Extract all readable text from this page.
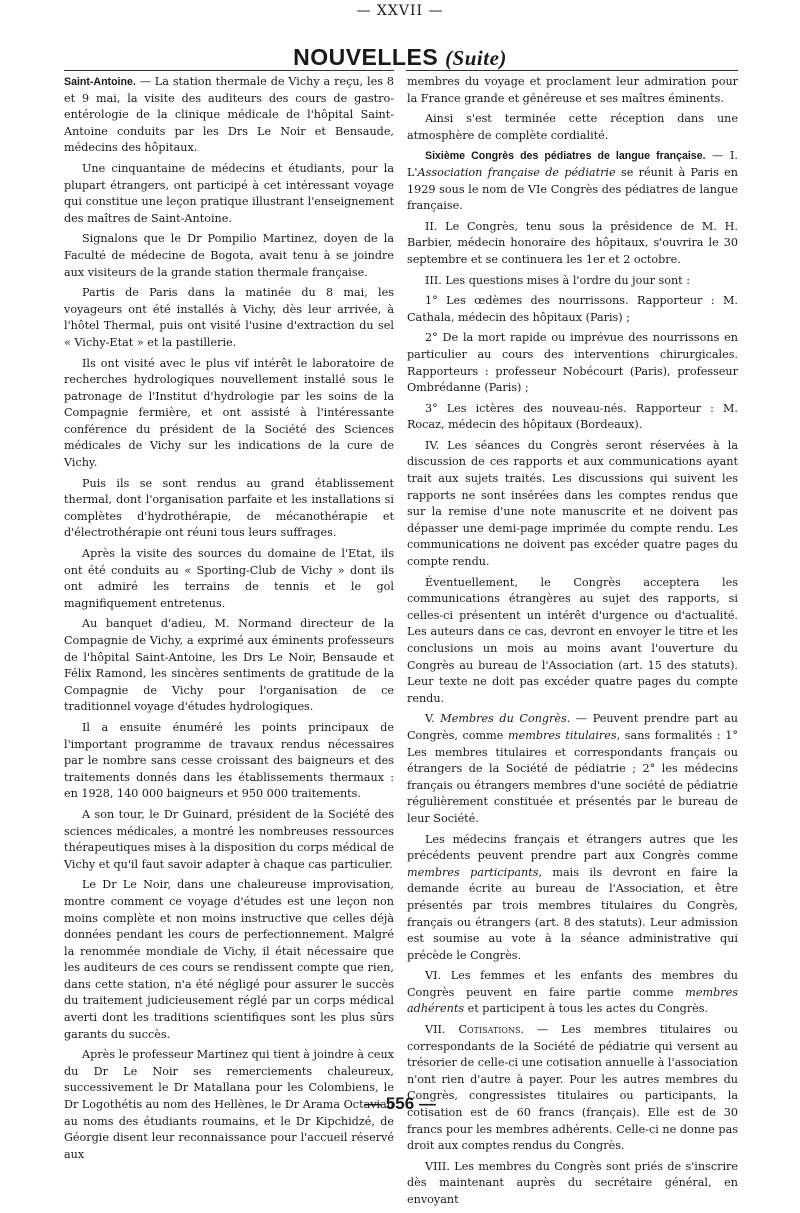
— XXVII —
NOUVELLES (Suite)

Saint-Antoine. — La station thermale de Vichy a reçu, les 8 et 9 mai, la visite des auditeurs des cours de gastro-entérologie de la clinique médicale de l'hôpital Saint-Antoine conduits par les Drs Le Noir et Bensaude, médecins des hôpitaux.

Une cinquantaine de médecins et étudiants, pour la plupart étrangers, ont participé à cet intéressant voyage qui constitue une leçon pratique illustrant l'enseignement des maîtres de Saint-Antoine.

Signalons que le Dr Pompilio Martinez, doyen de la Faculté de médecine de Bogota, avait tenu à se joindre aux visiteurs de la grande station thermale française.

Partis de Paris dans la matinée du 8 mai, les voyageurs ont été installés à Vichy, dès leur arrivée, à l'hôtel Thermal, puis ont visité l'usine d'extraction du sel « Vichy-Etat » et la pastillerie.

Ils ont visité avec le plus vif intérêt le laboratoire de recherches hydrologiques nouvellement installé sous le patronage de l'Institut d'hydrologie par les soins de la Compagnie fermière, et ont assisté à l'intéressante conférence du président de la Société des Sciences médicales de Vichy sur les indications de la cure de Vichy.

Puis ils se sont rendus au grand établissement thermal, dont l'organisation parfaite et les installations si complètes d'hydrothérapie, de mécanothérapie et d'électrothérapie ont réuni tous leurs suffrages.

Après la visite des sources du domaine de l'Etat, ils ont été conduits au « Sporting-Club de Vichy » dont ils ont admiré les terrains de tennis et le gol magnifiquement entretenus.

Au banquet d'adieu, M. Normand directeur de la Compagnie de Vichy, a exprimé aux éminents professeurs de l'hôpital Saint-Antoine, les Drs Le Noir, Bensaude et Félix Ramond, les sincères sentiments de gratitude de la Compagnie de Vichy pour l'organisation de ce traditionnel voyage d'études hydrologiques.

Il a ensuite énuméré les points principaux de l'important programme de travaux rendus nécessaires par le nombre sans cesse croissant des baigneurs et des traitements donnés dans les établissements thermaux : en 1928, 140 000 baigneurs et 950 000 traitements.

A son tour, le Dr Guinard, président de la Société des sciences médicales, a montré les nombreuses ressources thérapeutiques mises à la disposition du corps médical de Vichy et qu'il faut savoir adapter à chaque cas particulier.

Le Dr Le Noir, dans une chaleureuse improvisation, montre comment ce voyage d'études est une leçon non moins complète et non moins instructive que celles déjà données pendant les cours de perfectionnement. Malgré la renommée mondiale de Vichy, il était nécessaire que les auditeurs de ces cours se rendissent compte que rien, dans cette station, n'a été négligé pour assurer le succès du traitement judicieusement réglé par un corps médical averti dont les traditions scientifiques sont les plus sûrs garants du succès.

Après le professeur Martinez qui tient à joindre à ceux du Dr Le Noir ses remerciements chaleureux, successivement le Dr Matallana pour les Colombiens, le Dr Logothétis au nom des Hellènes, le Dr Arama Octaviau au noms des étudiants roumains, et le Dr Kipchidzé, de Géorgie disent leur reconnaissance pour l'accueil réservé aux

membres du voyage et proclament leur admiration pour la France grande et généreuse et ses maîtres éminents.

Ainsi s'est terminée cette réception dans une atmosphère de complète cordialité.

Sixième Congrès des pédiatres de langue française. — I. L'Association française de pédiatrie se réunit à Paris en 1929 sous le nom de VIe Congrès des pédiatres de langue française.

II. Le Congrès, tenu sous la présidence de M. H. Barbier, médecin honoraire des hôpitaux, s'ouvrira le 30 septembre et se continuera les 1er et 2 octobre.

III. Les questions mises à l'ordre du jour sont :

1° Les œdèmes des nourrissons. Rapporteur : M. Cathala, médecin des hôpitaux (Paris) ;

2° De la mort rapide ou imprévue des nourrissons en particulier au cours des interventions chirurgicales. Rapporteurs : professeur Nobécourt (Paris), professeur Ombrédanne (Paris) ;

3° Les ictères des nouveau-nés. Rapporteur : M. Rocaz, médecin des hôpitaux (Bordeaux).

IV. Les séances du Congrès seront réservées à la discussion de ces rapports et aux communications ayant trait aux sujets traités. Les discussions qui suivent les rapports ne sont insérées dans les comptes rendus que sur la remise d'une note manuscrite et ne doivent pas dépasser une demi-page imprimée du compte rendu. Les communications ne doivent pas excéder quatre pages du compte rendu.

Éventuellement, le Congrès acceptera les communications étrangères au sujet des rapports, si celles-ci présentent un intérêt d'urgence ou d'actualité. Les auteurs dans ce cas, devront en envoyer le titre et les conclusions un mois au moins avant l'ouverture du Congrès au bureau de l'Association (art. 15 des statuts). Leur texte ne doit pas excéder quatre pages du compte rendu.

V. Membres du Congrès. — Peuvent prendre part au Congrès, comme membres titulaires, sans formalités : 1° Les membres titulaires et correspondants français ou étrangers de la Société de pédiatrie ; 2° les médecins français ou étrangers membres d'une société de pédiatrie régulièrement constituée et présentés par le bureau de leur Société.

Les médecins français et étrangers autres que les précédents peuvent prendre part aux Congrès comme membres participants, mais ils devront en faire la demande écrite au bureau de l'Association, et être présentés par trois membres titulaires du Congrès, français ou étrangers (art. 8 des statuts). Leur admission est soumise au vote à la séance administrative qui précède le Congrès.

VI. Les femmes et les enfants des membres du Congrès peuvent en faire partie comme membres adhérents et participent à tous les actes du Congrès.

VII. Cotisations. — Les membres titulaires ou correspondants de la Société de pédiatrie qui versent au trésorier de celle-ci une cotisation annuelle à l'association n'ont rien d'autre à payer. Pour les autres membres du Congrès, congressistes titulaires ou participants, la cotisation est de 60 francs (français). Elle est de 30 francs pour les membres adhérents. Celle-ci ne donne pas droit aux comptes rendus du Congrès.

VIII. Les membres du Congrès sont priés de s'inscrire dès maintenant auprès du secrétaire général, en envoyant

— 556 —
